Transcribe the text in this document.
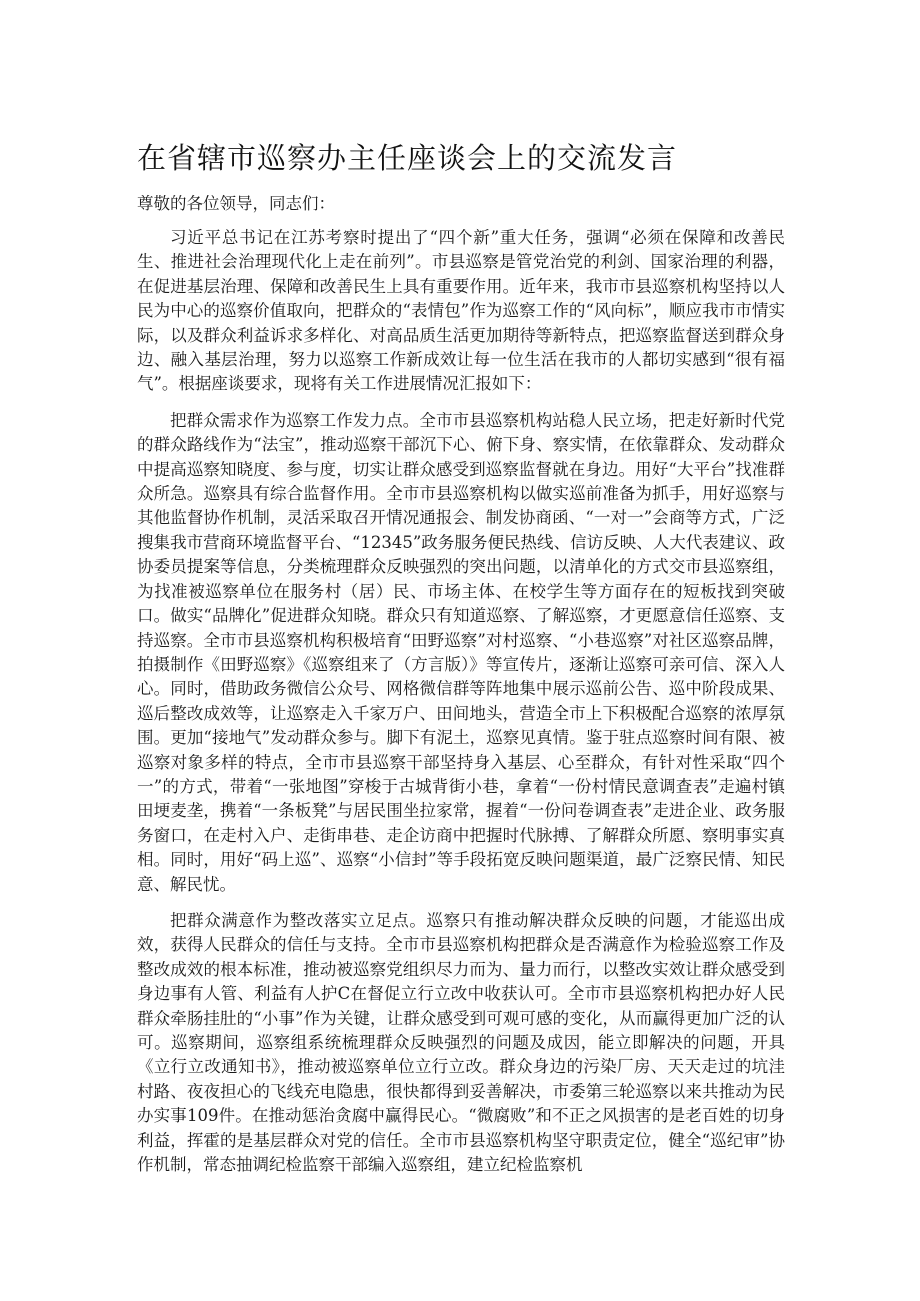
在省辖市巡察办主任座谈会上的交流发言

尊敬的各位领导，同志们：

习近平总书记在江苏考察时提出了“四个新”重大任务，强调“必须在保障和改善民生、推进社会治理现代化上走在前列”。市县巡察是管党治党的利剑、国家治理的利器，在促进基层治理、保障和改善民生上具有重要作用。近年来，我市市县巡察机构坚持以人民为中心的巡察价值取向，把群众的“表情包”作为巡察工作的“风向标”，顺应我市市情实际，以及群众利益诉求多样化、对高品质生活更加期待等新特点，把巡察监督送到群众身边、融入基层治理，努力以巡察工作新成效让每一位生活在我市的人都切实感到“很有福气”。根据座谈要求，现将有关工作进展情况汇报如下：

把群众需求作为巡察工作发力点。全市市县巡察机构站稳人民立场，把走好新时代党的群众路线作为“法宝”，推动巡察干部沉下心、俯下身、察实情，在依靠群众、发动群众中提高巡察知晓度、参与度，切实让群众感受到巡察监督就在身边。用好“大平台”找准群众所急。巡察具有综合监督作用。全市市县巡察机构以做实巡前准备为抓手，用好巡察与其他监督协作机制，灵活采取召开情况通报会、制发协商函、“一对一”会商等方式，广泛搜集我市营商环境监督平台、“12345”政务服务便民热线、信访反映、人大代表建议、政协委员提案等信息，分类梳理群众反映强烈的突出问题，以清单化的方式交市县巡察组，为找准被巡察单位在服务村（居）民、市场主体、在校学生等方面存在的短板找到突破口。做实“品牌化”促进群众知晓。群众只有知道巡察、了解巡察，才更愿意信任巡察、支持巡察。全市市县巡察机构积极培育“田野巡察”对村巡察、“小巷巡察”对社区巡察品牌，拍摄制作《田野巡察》《巡察组来了（方言版）》等宣传片，逐渐让巡察可亲可信、深入人心。同时，借助政务微信公众号、网格微信群等阵地集中展示巡前公告、巡中阶段成果、巡后整改成效等，让巡察走入千家万户、田间地头，营造全市上下积极配合巡察的浓厚氛围。更加“接地气”发动群众参与。脚下有泥土，巡察见真情。鉴于驻点巡察时间有限、被巡察对象多样的特点，全市市县巡察干部坚持身入基层、心至群众，有针对性采取“四个一”的方式，带着“一张地图”穿梭于古城背街小巷，拿着“一份村情民意调查表”走遍村镇田埂麦垄，携着“一条板凳”与居民围坐拉家常，握着“一份问卷调查表”走进企业、政务服务窗口，在走村入户、走街串巷、走企访商中把握时代脉搏、了解群众所愿、察明事实真相。同时，用好“码上巡”、巡察“小信封”等手段拓宽反映问题渠道，最广泛察民情、知民意、解民忧。

把群众满意作为整改落实立足点。巡察只有推动解决群众反映的问题，才能巡出成效，获得人民群众的信任与支持。全市市县巡察机构把群众是否满意作为检验巡察工作及整改成效的根本标准，推动被巡察党组织尽力而为、量力而行，以整改实效让群众感受到身边事有人管、利益有人护C在督促立行立改中收获认可。全市市县巡察机构把办好人民群众牵肠挂肚的“小事”作为关键，让群众感受到可观可感的变化，从而赢得更加广泛的认可。巡察期间，巡察组系统梳理群众反映强烈的问题及成因，能立即解决的问题，开具《立行立改通知书》，推动被巡察单位立行立改。群众身边的污染厂房、天天走过的坑洼村路、夜夜担心的飞线充电隐患，很快都得到妥善解决，市委第三轮巡察以来共推动为民办实事109件。在推动惩治贪腐中赢得民心。“微腐败”和不正之风损害的是老百姓的切身利益，挥霍的是基层群众对党的信任。全市市县巡察机构坚守职责定位，健全“巡纪审”协作机制，常态抽调纪检监察干部编入巡察组，建立纪检监察机
